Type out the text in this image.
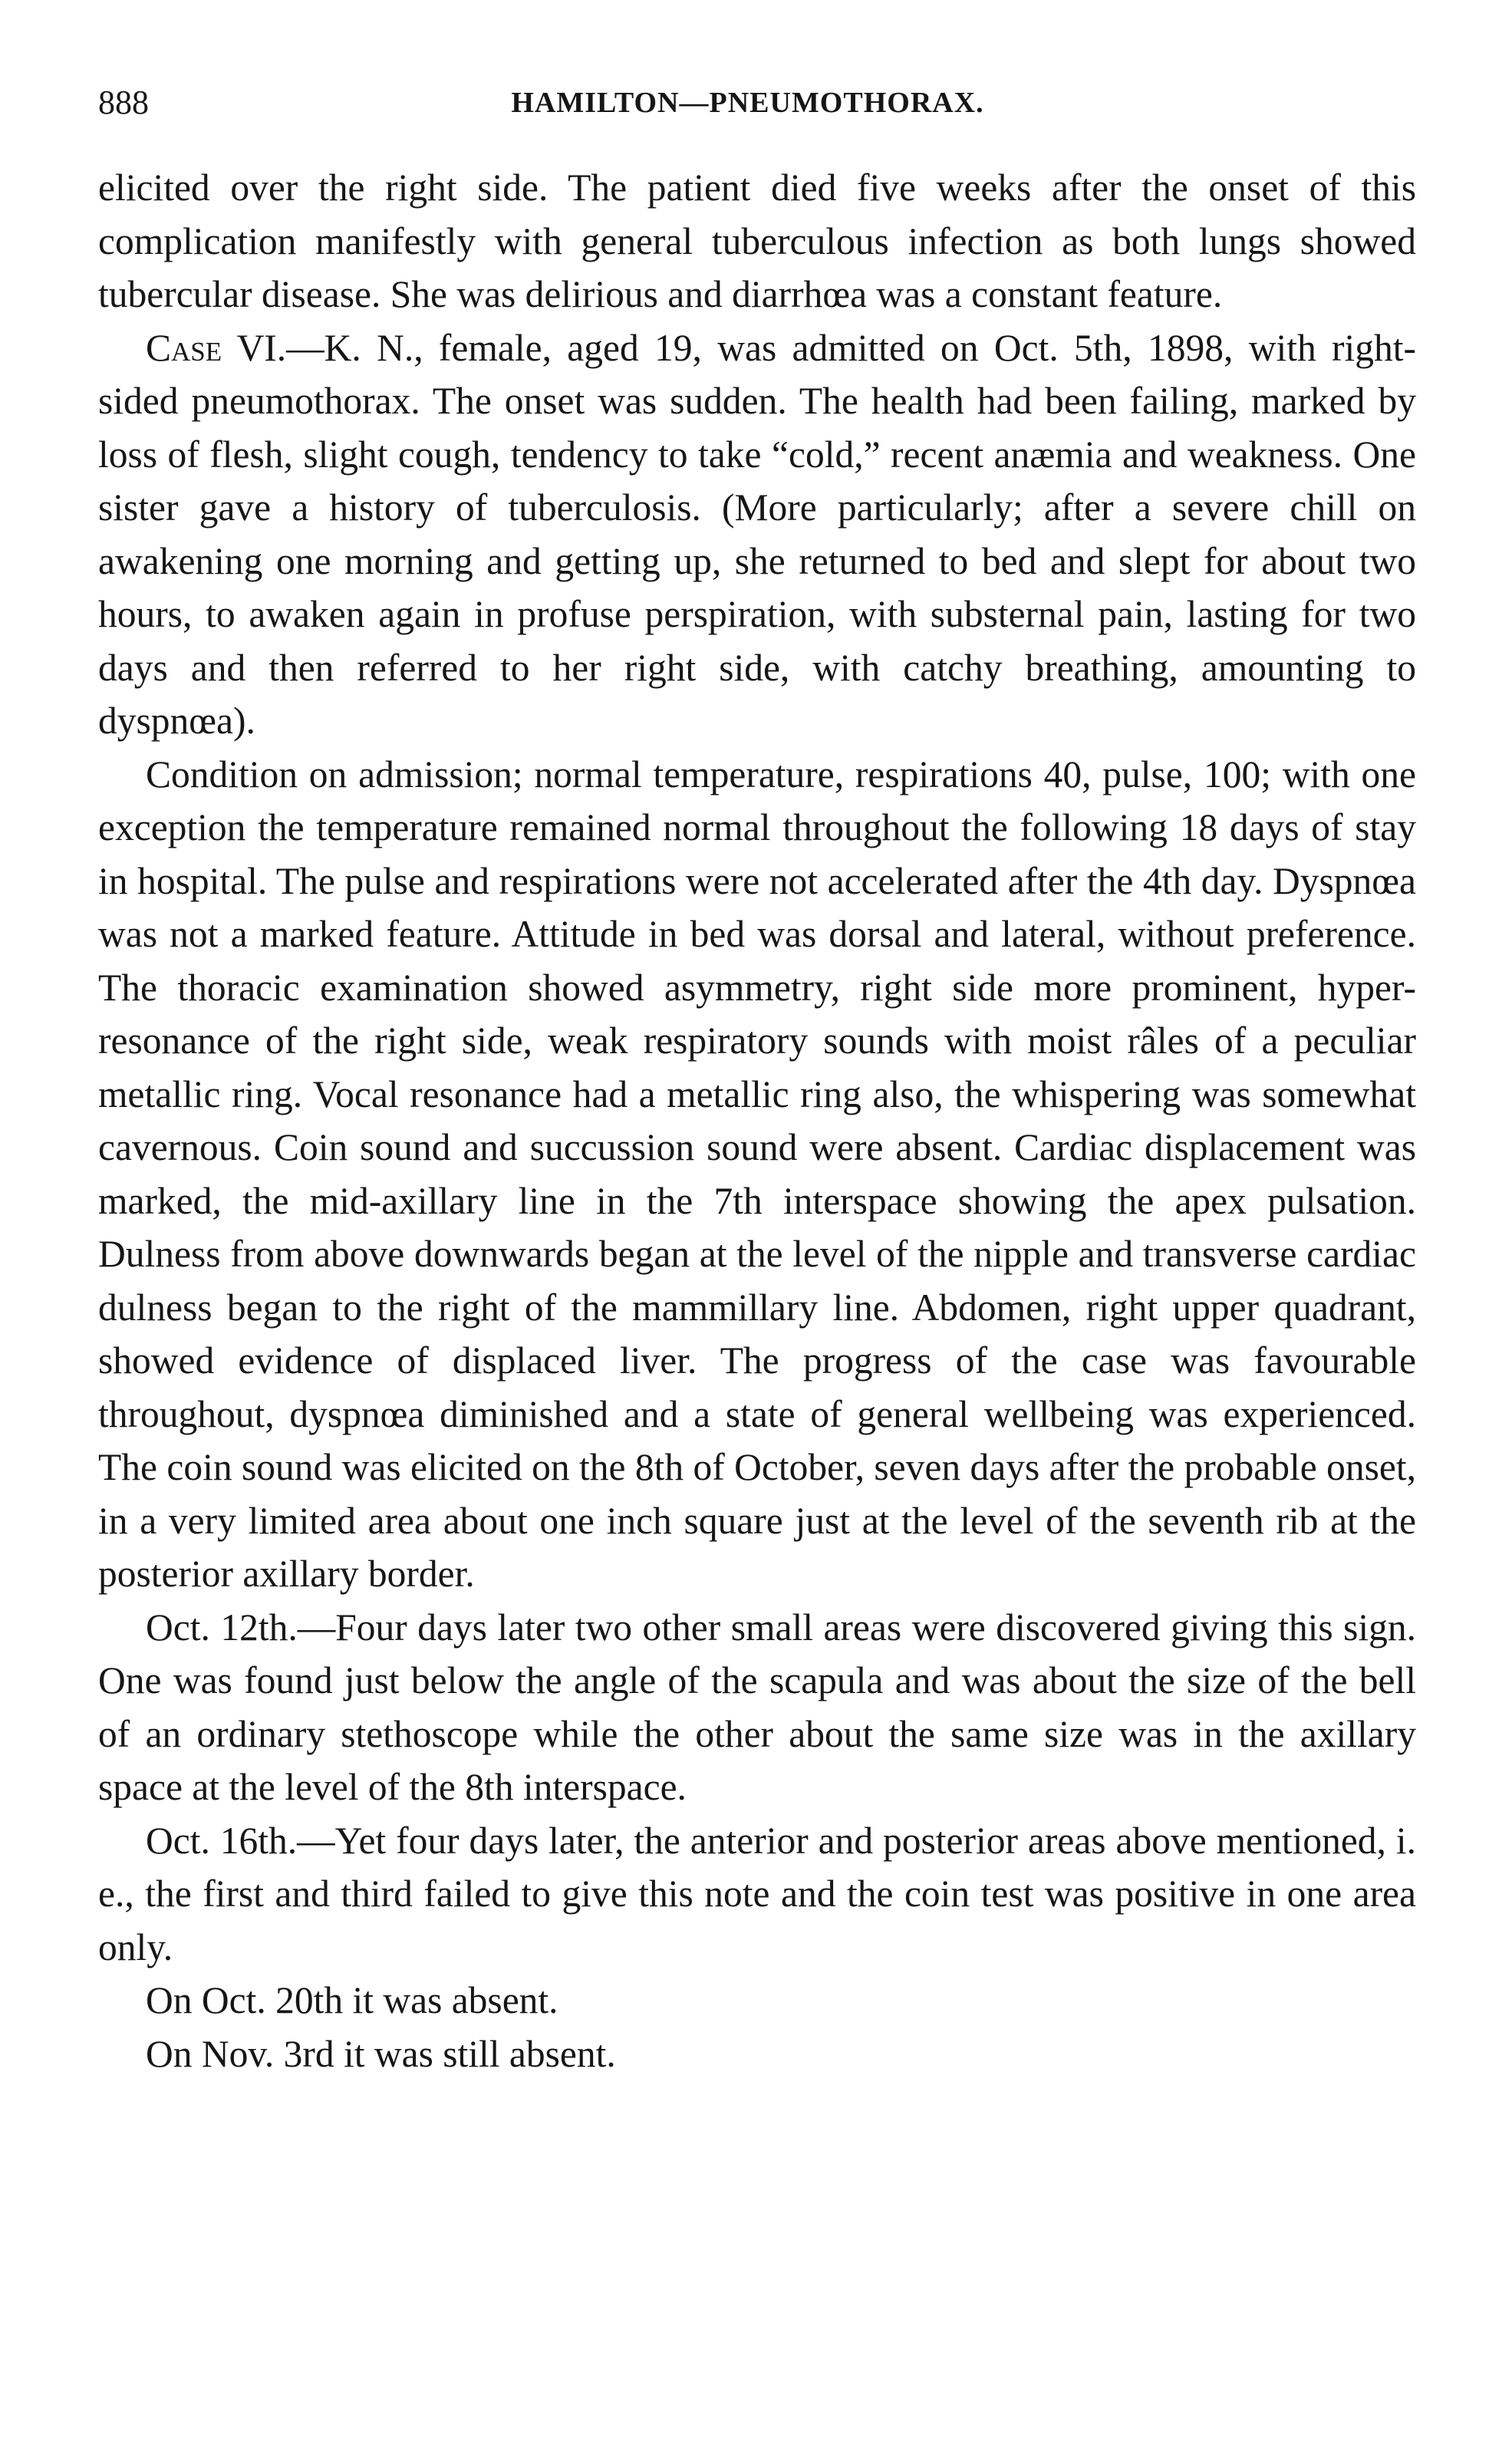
888	HAMILTON—PNEUMOTHORAX.

elicited over the right side. The patient died five weeks after the onset of this complication manifestly with general tuberculous infection as both lungs showed tubercular disease. She was delirious and diarrhœa was a constant feature.

Case VI.—K. N., female, aged 19, was admitted on Oct. 5th, 1898, with right-sided pneumothorax. The onset was sudden. The health had been failing, marked by loss of flesh, slight cough, tendency to take “cold,” recent anæmia and weakness. One sister gave a history of tuberculosis. (More particularly; after a severe chill on awakening one morning and getting up, she returned to bed and slept for about two hours, to awaken again in profuse perspiration, with substernal pain, lasting for two days and then referred to her right side, with catchy breathing, amounting to dyspnœa).

Condition on admission; normal temperature, respirations 40, pulse, 100; with one exception the temperature remained normal throughout the following 18 days of stay in hospital. The pulse and respirations were not accelerated after the 4th day. Dyspnœa was not a marked feature. Attitude in bed was dorsal and lateral, without preference. The thoracic examination showed asymmetry, right side more prominent, hyper-resonance of the right side, weak respiratory sounds with moist râles of a peculiar metallic ring. Vocal resonance had a metallic ring also, the whispering was somewhat cavernous. Coin sound and succussion sound were absent. Cardiac displacement was marked, the mid-axillary line in the 7th interspace showing the apex pulsation. Dulness from above downwards began at the level of the nipple and transverse cardiac dulness began to the right of the mammillary line. Abdomen, right upper quadrant, showed evidence of displaced liver. The progress of the case was favourable throughout, dyspnœa diminished and a state of general wellbeing was experienced. The coin sound was elicited on the 8th of October, seven days after the probable onset, in a very limited area about one inch square just at the level of the seventh rib at the posterior axillary border.

Oct. 12th.—Four days later two other small areas were discovered giving this sign. One was found just below the angle of the scapula and was about the size of the bell of an ordinary stethoscope while the other about the same size was in the axillary space at the level of the 8th interspace.

Oct. 16th.—Yet four days later, the anterior and posterior areas above mentioned, i. e., the first and third failed to give this note and the coin test was positive in one area only.

On Oct. 20th it was absent.

On Nov. 3rd it was still absent.
